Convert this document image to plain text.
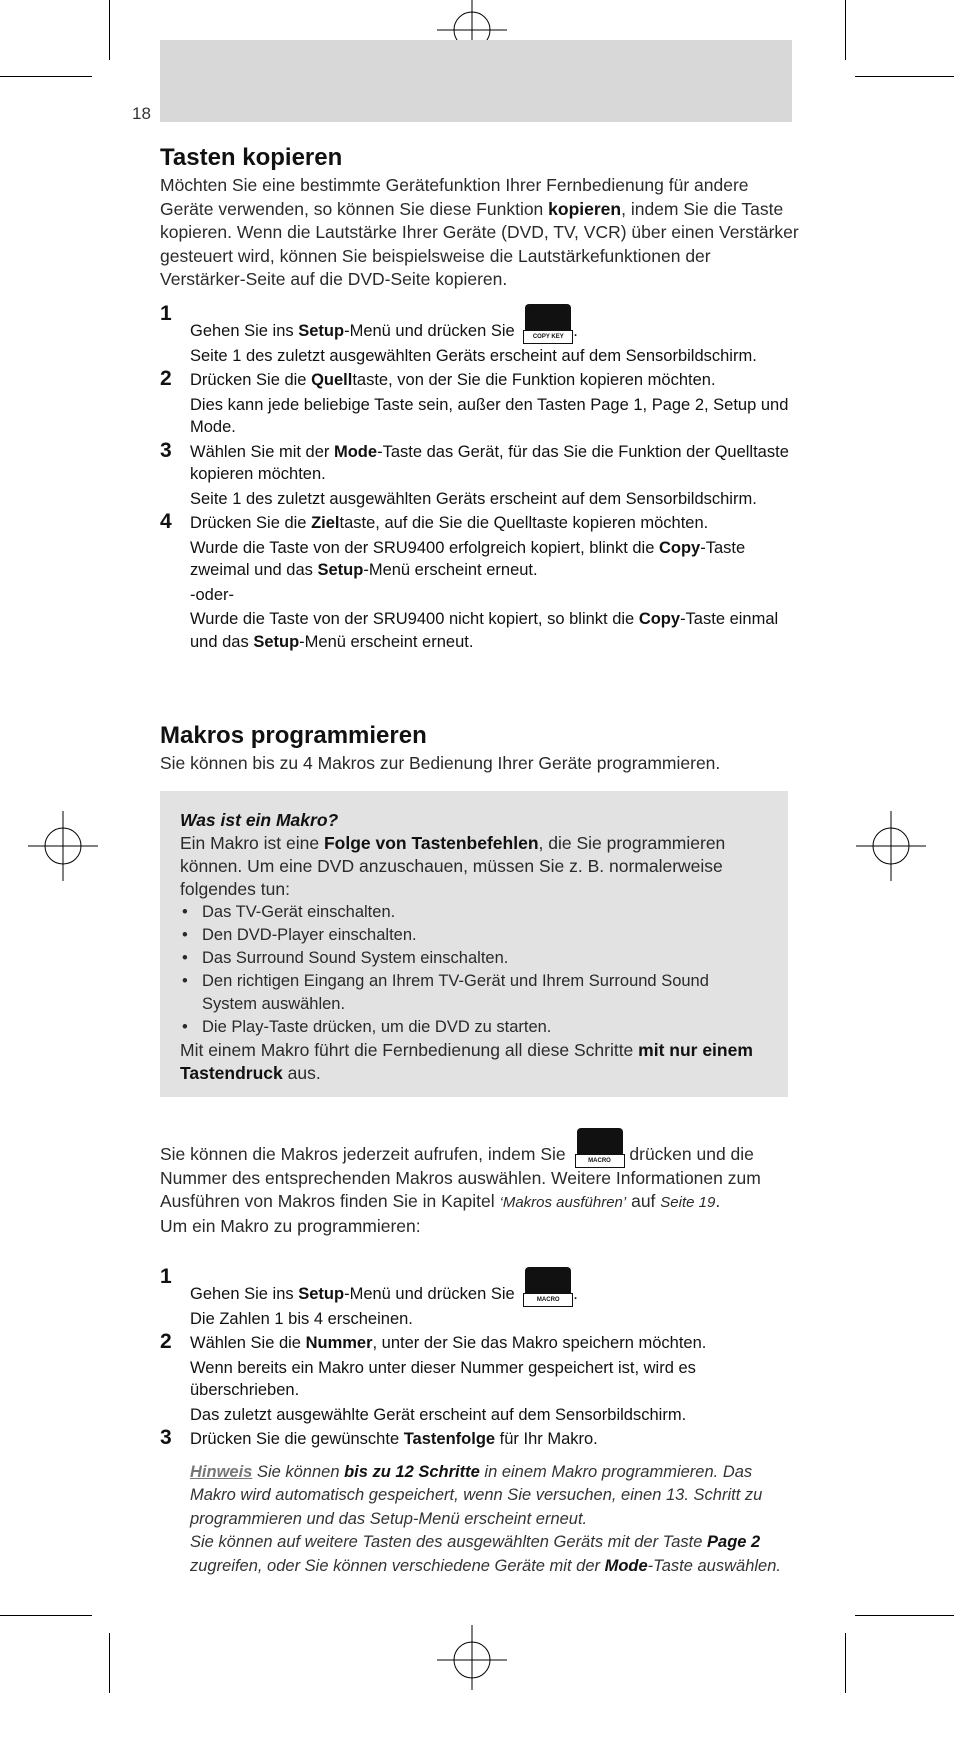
18
Tasten kopieren

Möchten Sie eine bestimmte Gerätefunktion Ihrer Fernbedienung für andere Geräte verwenden, so können Sie diese Funktion kopieren, indem Sie die Taste kopieren. Wenn die Lautstärke Ihrer Geräte (DVD, TV, VCR) über einen Verstärker gesteuert wird, können Sie beispielsweise die Lautstärkefunktionen der Verstärker-Seite auf die DVD-Seite kopieren.

1

Gehen Sie ins Setup-Menü und drücken Sie	COPY KEY .

Seite 1 des zuletzt ausgewählten Geräts erscheint auf dem Sensorbildschirm.

2 Drücken Sie die Quelltaste, von der Sie die Funktion kopieren möchten.

Dies kann jede beliebige Taste sein, außer den Tasten Page 1, Page 2, Setup und Mode.

3 Wählen Sie mit der Mode-Taste das Gerät, für das Sie die Funktion der Quelltaste kopieren möchten.

Seite 1 des zuletzt ausgewählten Geräts erscheint auf dem Sensorbildschirm.

4 Drücken Sie die Zieltaste, auf die Sie die Quelltaste kopieren möchten.

Wurde die Taste von der SRU9400 erfolgreich kopiert, blinkt die Copy-Taste zweimal und das Setup-Menü erscheint erneut.

-oder-

Wurde die Taste von der SRU9400 nicht kopiert, so blinkt die Copy-Taste einmal und das Setup-Menü erscheint erneut.

Makros programmieren

Sie können bis zu 4 Makros zur Bedienung Ihrer Geräte programmieren.

Was ist ein Makro?
Ein Makro ist eine Folge von Tastenbefehlen, die Sie programmieren können. Um eine DVD anzuschauen, müssen Sie z. B. normalerweise folgendes tun:
• Das TV-Gerät einschalten.
• Den DVD-Player einschalten.
• Das Surround Sound System einschalten.
• Den richtigen Eingang an Ihrem TV-Gerät und Ihrem Surround Sound System auswählen.
• Die Play-Taste drücken, um die DVD zu starten.
Mit einem Makro führt die Fernbedienung all diese Schritte mit nur einem Tastendruck aus.

Sie können die Makros jederzeit aufrufen, indem Sie	MACRO drücken und die Nummer des entsprechenden Makros auswählen. Weitere Informationen zum Ausführen von Makros finden Sie in Kapitel ‘Makros ausführen’ auf Seite 19.

Um ein Makro zu programmieren:

1

Gehen Sie ins Setup-Menü und drücken Sie	MACRO .

Die Zahlen 1 bis 4 erscheinen.

2 Wählen Sie die Nummer, unter der Sie das Makro speichern möchten.

Wenn bereits ein Makro unter dieser Nummer gespeichert ist, wird es überschrieben.

Das zuletzt ausgewählte Gerät erscheint auf dem Sensorbildschirm.

3 Drücken Sie die gewünschte Tastenfolge für Ihr Makro.

Hinweis Sie können bis zu 12 Schritte in einem Makro programmieren. Das Makro wird automatisch gespeichert, wenn Sie versuchen, einen 13. Schritt zu programmieren und das Setup-Menü erscheint erneut.
Sie können auf weitere Tasten des ausgewählten Geräts mit der Taste Page 2 zugreifen, oder Sie können verschiedene Geräte mit der Mode-Taste auswählen.
